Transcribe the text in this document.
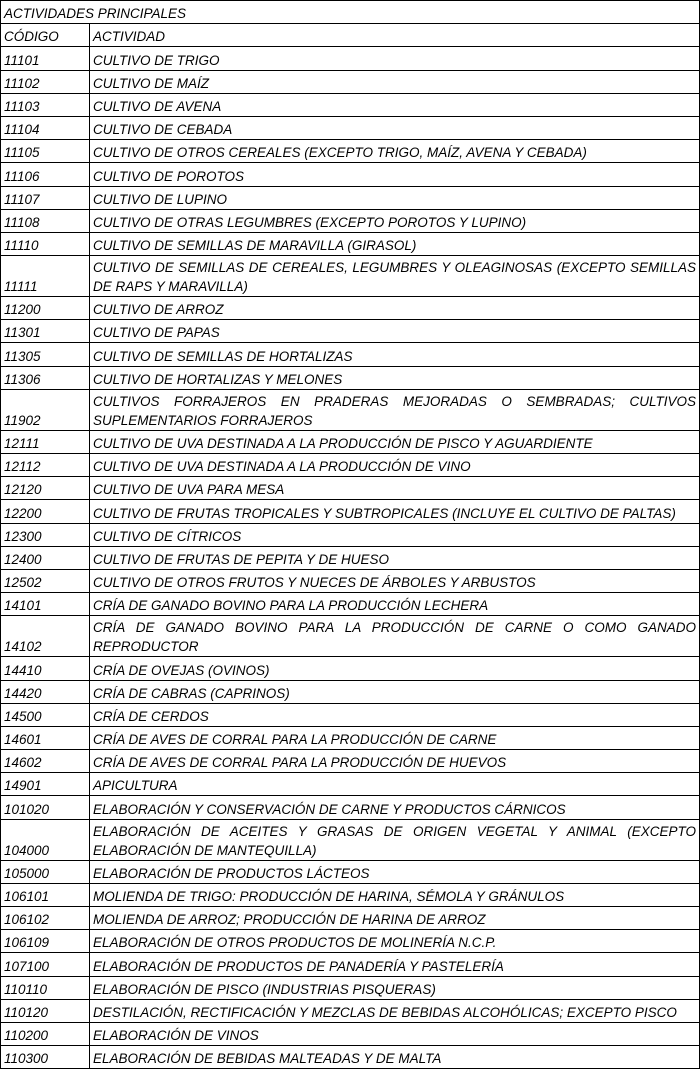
ACTIVIDADES PRINCIPALES	
CÓDIGO	ACTIVIDAD
11101	CULTIVO DE TRIGO
11102	CULTIVO DE MAÍZ
11103	CULTIVO DE AVENA
11104	CULTIVO DE CEBADA
11105	CULTIVO DE OTROS CEREALES (EXCEPTO TRIGO, MAÍZ, AVENA Y CEBADA)
11106	CULTIVO DE POROTOS
11107	CULTIVO DE LUPINO
11108	CULTIVO DE OTRAS LEGUMBRES (EXCEPTO POROTOS Y LUPINO)
11110	CULTIVO DE SEMILLAS DE MARAVILLA (GIRASOL)
11111	CULTIVO DE SEMILLAS DE CEREALES, LEGUMBRES Y OLEAGINOSAS (EXCEPTO SEMILLAS DE RAPS Y MARAVILLA)
11200	CULTIVO DE ARROZ
11301	CULTIVO DE PAPAS
11305	CULTIVO DE SEMILLAS DE HORTALIZAS
11306	CULTIVO DE HORTALIZAS Y MELONES
11902	CULTIVOS FORRAJEROS EN PRADERAS MEJORADAS O SEMBRADAS; CULTIVOS SUPLEMENTARIOS FORRAJEROS
12111	CULTIVO DE UVA DESTINADA A LA PRODUCCIÓN DE PISCO Y AGUARDIENTE
12112	CULTIVO DE UVA DESTINADA A LA PRODUCCIÓN DE VINO
12120	CULTIVO DE UVA PARA MESA
12200	CULTIVO DE FRUTAS TROPICALES Y SUBTROPICALES (INCLUYE EL CULTIVO DE PALTAS)
12300	CULTIVO DE CÍTRICOS
12400	CULTIVO DE FRUTAS DE PEPITA Y DE HUESO
12502	CULTIVO DE OTROS FRUTOS Y NUECES DE ÁRBOLES Y ARBUSTOS
14101	CRÍA DE GANADO BOVINO PARA LA PRODUCCIÓN LECHERA
14102	CRÍA DE GANADO BOVINO PARA LA PRODUCCIÓN DE CARNE O COMO GANADO REPRODUCTOR
14410	CRÍA DE OVEJAS (OVINOS)
14420	CRÍA DE CABRAS (CAPRINOS)
14500	CRÍA DE CERDOS
14601	CRÍA DE AVES DE CORRAL PARA LA PRODUCCIÓN DE CARNE
14602	CRÍA DE AVES DE CORRAL PARA LA PRODUCCIÓN DE HUEVOS
14901	APICULTURA
101020	ELABORACIÓN Y CONSERVACIÓN DE CARNE Y PRODUCTOS CÁRNICOS
104000	ELABORACIÓN DE ACEITES Y GRASAS DE ORIGEN VEGETAL Y ANIMAL (EXCEPTO ELABORACIÓN DE MANTEQUILLA)
105000	ELABORACIÓN DE PRODUCTOS LÁCTEOS
106101	MOLIENDA DE TRIGO: PRODUCCIÓN DE HARINA, SÉMOLA Y GRÁNULOS
106102	MOLIENDA DE ARROZ; PRODUCCIÓN DE HARINA DE ARROZ
106109	ELABORACIÓN DE OTROS PRODUCTOS DE MOLINERÍA N.C.P.
107100	ELABORACIÓN DE PRODUCTOS DE PANADERÍA Y PASTELERÍA
110110	ELABORACIÓN DE PISCO (INDUSTRIAS PISQUERAS)
110120	DESTILACIÓN, RECTIFICACIÓN Y MEZCLAS DE BEBIDAS ALCOHÓLICAS; EXCEPTO PISCO
110200	ELABORACIÓN DE VINOS
110300	ELABORACIÓN DE BEBIDAS MALTEADAS Y DE MALTA
